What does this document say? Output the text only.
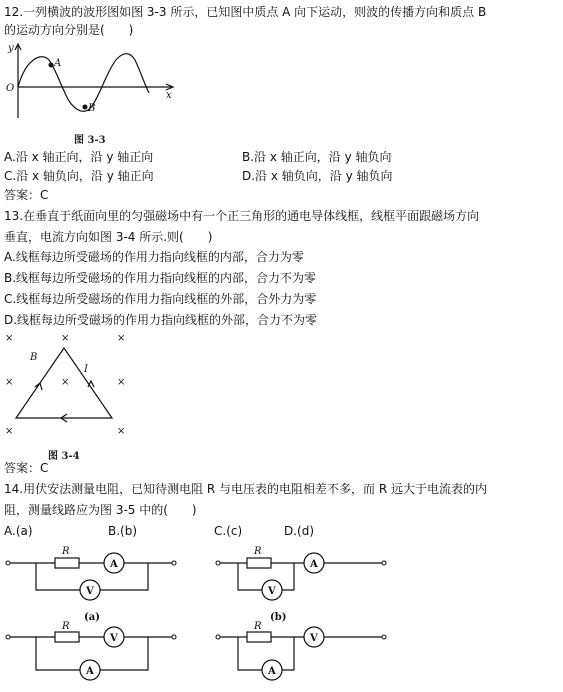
12.一列横波的波形图如图 3-3 所示，已知图中质点 A 向下运动，则波的传播方向和质点 B
的运动方向分别是(　　)
y
O
x
A
B
图 3-3
A.沿 x 轴正向，沿 y 轴正向	B.沿 x 轴正向，沿 y 轴负向
C.沿 x 轴负向，沿 y 轴正向	D.沿 x 轴负向，沿 y 轴负向
答案：C
13.在垂直于纸面向里的匀强磁场中有一个正三角形的通电导体线框，线框平面跟磁场方向
垂直，电流方向如图 3-4 所示.则(　　)
A.线框每边所受磁场的作用力指向线框的内部，合力为零
B.线框每边所受磁场的作用力指向线框的内部，合力不为零
C.线框每边所受磁场的作用力指向线框的外部，合外力为零
D.线框每边所受磁场的作用力指向线框的外部，合力不为零
×	×	×
×	×	×
×	×
B
I
图 3-4
答案：C
14.用伏安法测量电阻，已知待测电阻 R 与电压表的电阻相差不多，而 R 远大于电流表的内
阻，测量线路应为图 3-5 中的(　　)
A.(a)	B.(b)	C.(c)	D.(d)
R
A
V
(a)
R
A
V
(b)
R
V
A
R
V
A
